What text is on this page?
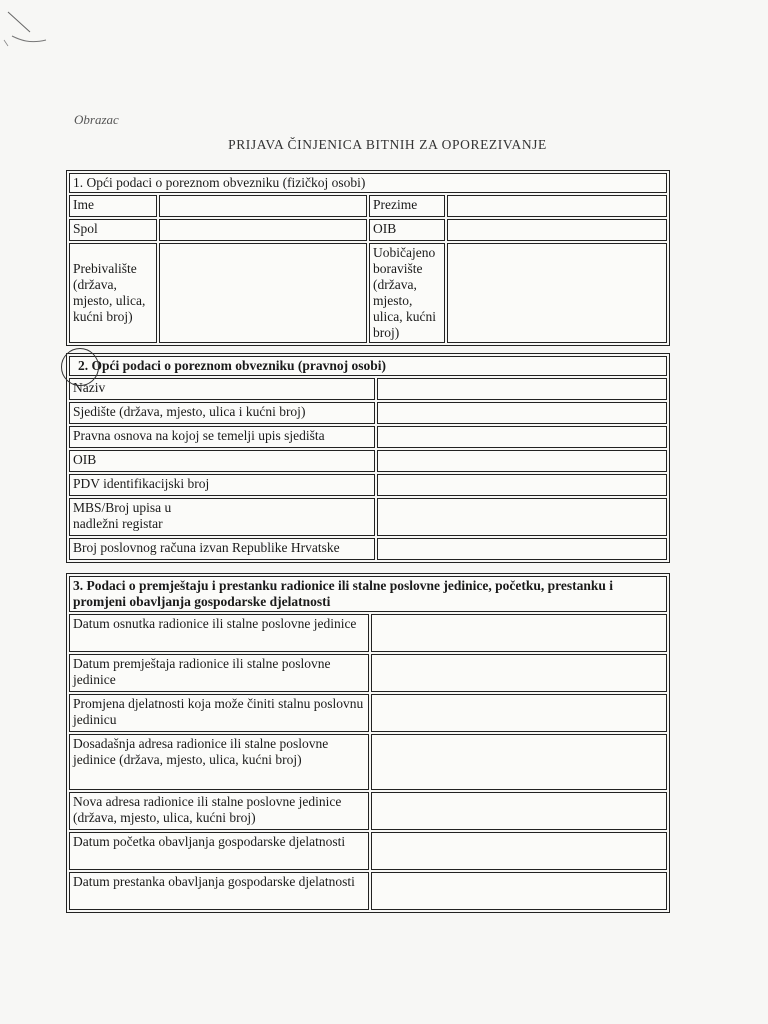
Obrazac
PRIJAVA ČINJENICA BITNIH ZA OPOREZIVANJE
1. Opći podaci o poreznom obvezniku (fizičkoj osobi)			
Ime		Prezime	
Spol		OIB	
Prebivalište (država, mjesto, ulica, kućni broj)		Uobičajeno boravište (država, mjesto, ulica, kućni broj)	
2. Opći podaci o poreznom obvezniku (pravnoj osobi)	
Naziv	
Sjedište (država, mjesto, ulica i kućni broj)	
Pravna osnova na kojoj se temelji upis sjedišta	
OIB	
PDV identifikacijski broj	

MBS/Broj upisa u nadležni registar	

Broj poslovnog računa izvan Republike Hrvatske	
3. Podaci o premještaju i prestanku radionice ili stalne poslovne jedinice, početku, prestanku i promjeni obavljanja gospodarske djelatnosti	
Datum osnutka radionice ili stalne poslovne jedinice	
Datum premještaja radionice ili stalne poslovne jedinice	
Promjena djelatnosti koja može činiti stalnu poslovnu jedinicu	
Dosadašnja adresa radionice ili stalne poslovne jedinice (država, mjesto, ulica, kućni broj)	
Nova adresa radionice ili stalne poslovne jedinice (država, mjesto, ulica, kućni broj)	
Datum početka obavljanja gospodarske djelatnosti	
Datum prestanka obavljanja gospodarske djelatnosti	
